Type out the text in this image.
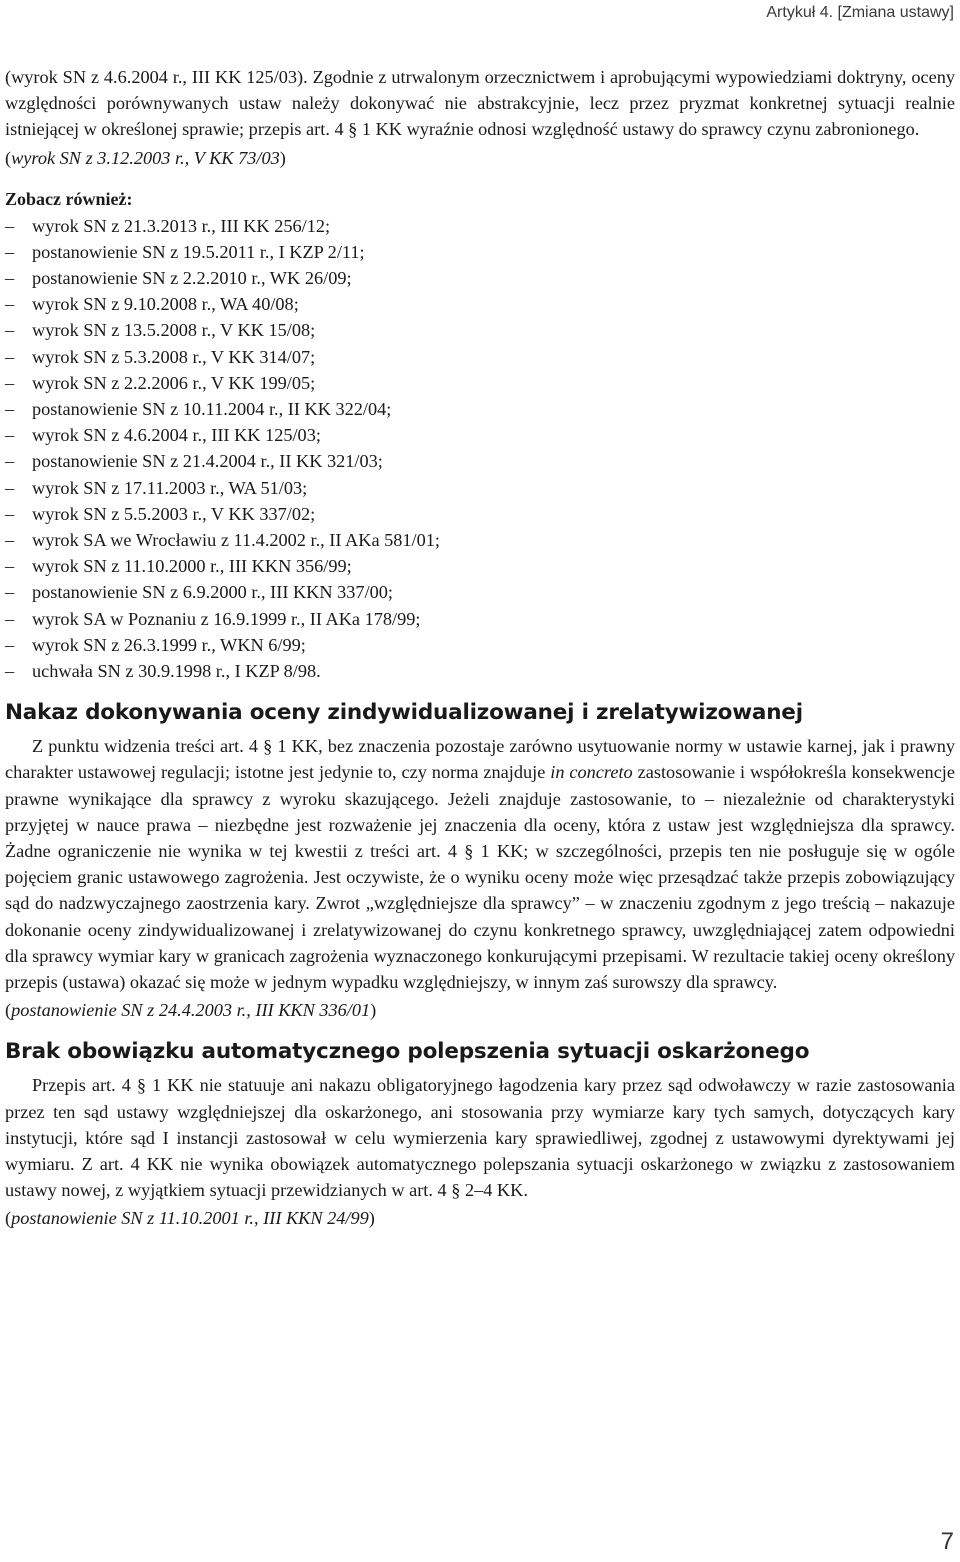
Artykuł 4. [Zmiana ustawy]

(wyrok SN z 4.6.2004 r., III KK 125/03). Zgodnie z utrwalonym orzecznictwem i aprobującymi wypowiedziami doktryny, oceny względności porównywanych ustaw należy dokonywać nie abstrakcyjnie, lecz przez pryzmat konkretnej sytuacji realnie istniejącej w określonej sprawie; przepis art. 4 § 1 KK wyraźnie odnosi względność ustawy do sprawcy czynu zabronionego.

(wyrok SN z 3.12.2003 r., V KK 73/03)

Zobacz również:
– wyrok SN z 21.3.2013 r., III KK 256/12;
– postanowienie SN z 19.5.2011 r., I KZP 2/11;
– postanowienie SN z 2.2.2010 r., WK 26/09;
– wyrok SN z 9.10.2008 r., WA 40/08;
– wyrok SN z 13.5.2008 r., V KK 15/08;
– wyrok SN z 5.3.2008 r., V KK 314/07;
– wyrok SN z 2.2.2006 r., V KK 199/05;
– postanowienie SN z 10.11.2004 r., II KK 322/04;
– wyrok SN z 4.6.2004 r., III KK 125/03;
– postanowienie SN z 21.4.2004 r., II KK 321/03;
– wyrok SN z 17.11.2003 r., WA 51/03;
– wyrok SN z 5.5.2003 r., V KK 337/02;
– wyrok SA we Wrocławiu z 11.4.2002 r., II AKa 581/01;
– wyrok SN z 11.10.2000 r., III KKN 356/99;
– postanowienie SN z 6.9.2000 r., III KKN 337/00;
– wyrok SA w Poznaniu z 16.9.1999 r., II AKa 178/99;
– wyrok SN z 26.3.1999 r., WKN 6/99;
– uchwała SN z 30.9.1998 r., I KZP 8/98.
Nakaz dokonywania oceny zindywidualizowanej i zrelatywizowanej

Z punktu widzenia treści art. 4 § 1 KK, bez znaczenia pozostaje zarówno usytuowanie normy w ustawie karnej, jak i prawny charakter ustawowej regulacji; istotne jest jedynie to, czy norma znajduje in concreto zastosowanie i współokreśla konsekwencje prawne wynikające dla sprawcy z wyroku skazującego. Jeżeli znajduje zastosowanie, to – niezależnie od charakterystyki przyjętej w nauce prawa – niezbędne jest rozważenie jej znaczenia dla oceny, która z ustaw jest względniejsza dla sprawcy. Żadne ograniczenie nie wynika w tej kwestii z treści art. 4 § 1 KK; w szczególności, przepis ten nie posługuje się w ogóle pojęciem granic ustawowego zagrożenia. Jest oczywiste, że o wyniku oceny może więc przesądzać także przepis zobowiązujący sąd do nadzwyczajnego zaostrzenia kary. Zwrot „względniejsze dla sprawcy” – w znaczeniu zgodnym z jego treścią – nakazuje dokonanie oceny zindywidualizowanej i zrelatywizowanej do czynu konkretnego sprawcy, uwzględniającej zatem odpowiedni dla sprawcy wymiar kary w granicach zagrożenia wyznaczonego konkurującymi przepisami. W rezultacie takiej oceny określony przepis (ustawa) okazać się może w jednym wypadku względniejszy, w innym zaś surowszy dla sprawcy.

(postanowienie SN z 24.4.2003 r., III KKN 336/01)

Brak obowiązku automatycznego polepszenia sytuacji oskarżonego

Przepis art. 4 § 1 KK nie statuuje ani nakazu obligatoryjnego łagodzenia kary przez sąd odwoławczy w razie zastosowania przez ten sąd ustawy względniejszej dla oskarżonego, ani stosowania przy wymiarze kary tych samych, dotyczących kary instytucji, które sąd I instancji zastosował w celu wymierzenia kary sprawiedliwej, zgodnej z ustawowymi dyrektywami jej wymiaru. Z art. 4 KK nie wynika obowiązek automatycznego polepszania sytuacji oskarżonego w związku z zastosowaniem ustawy nowej, z wyjątkiem sytuacji przewidzianych w art. 4 § 2–4 KK.

(postanowienie SN z 11.10.2001 r., III KKN 24/99)

7
